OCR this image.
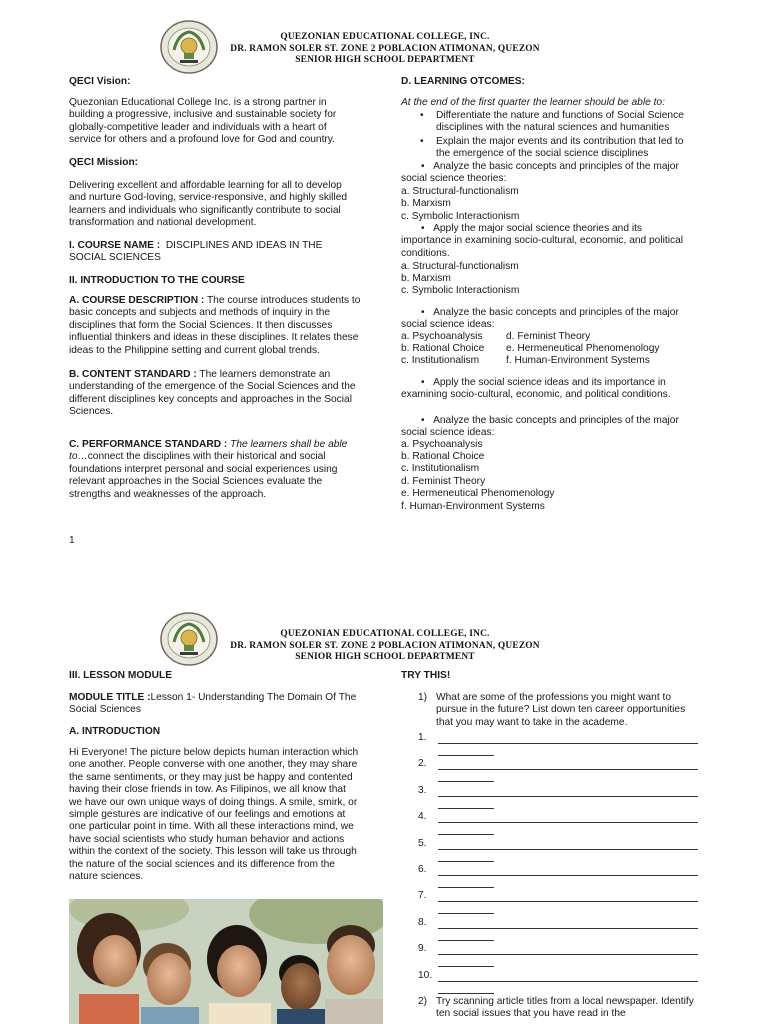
QUEZONIAN EDUCATIONAL COLLEGE, INC.
DR. RAMON SOLER ST. ZONE 2 POBLACION ATIMONAN, QUEZON
SENIOR HIGH SCHOOL DEPARTMENT
QECI Vision:
Quezonian Educational College Inc. is a strong partner in building a progressive, inclusive and sustainable society for globally-competitive leader and individuals with a heart of service for others and a profound love for God and country.
QECI Mission:
Delivering excellent and affordable learning for all to develop and nurture God-loving, service-responsive, and highly skilled learners and individuals who significantly contribute to social transformation and national development.
I. COURSE NAME : DISCIPLINES AND IDEAS IN THE SOCIAL SCIENCES
II. INTRODUCTION TO THE COURSE
A. COURSE DESCRIPTION : The course introduces students to basic concepts and subjects and methods of inquiry in the disciplines that form the Social Sciences. It then discusses influential thinkers and ideas in these disciplines. It relates these ideas to the Philippine setting and current global trends.
B. CONTENT STANDARD : The learners demonstrate an understanding of the emergence of the Social Sciences and the different disciplines key concepts and approaches in the Social Sciences.
C. PERFORMANCE STANDARD : The learners shall be able to…connect the disciplines with their historical and social foundations interpret personal and social experiences using relevant approaches in the Social Sciences evaluate the strengths and weaknesses of the approach.
1
D. LEARNING OTCOMES:
At the end of the first quarter the learner should be able to:
• Differentiate the nature and functions of Social Science disciplines with the natural sciences and humanities
• Explain the major events and its contribution that led to the emergence of the social science disciplines
• Analyze the basic concepts and principles of the major social science theories:
a. Structural-functionalism
b. Marxism
c. Symbolic Interactionism
• Apply the major social science theories and its importance in examining socio-cultural, economic, and political conditions.
a. Structural-functionalism
b. Marxism
c. Symbolic Interactionism
• Analyze the basic concepts and principles of the major social science ideas:
a. Psychoanalysis
b. Rational Choice
c. Institutionalism
d. Feminist Theory
e. Hermeneutical Phenomenology
f. Human-Environment Systems
• Apply the social science ideas and its importance in examining socio-cultural, economic, and political conditions.
• Analyze the basic concepts and principles of the major social science ideas:
a. Psychoanalysis
b. Rational Choice
c. Institutionalism
d. Feminist Theory
e. Hermeneutical Phenomenology
f. Human-Environment Systems
QUEZONIAN EDUCATIONAL COLLEGE, INC.
DR. RAMON SOLER ST. ZONE 2 POBLACION ATIMONAN, QUEZON
SENIOR HIGH SCHOOL DEPARTMENT
III. LESSON MODULE
MODULE TITLE :Lesson 1- Understanding The Domain Of The Social Sciences
A. INTRODUCTION
Hi Everyone! The picture below depicts human interaction which one another. People converse with one another, they may share the same sentiments, or they may just be happy and contented having their close friends in tow. As Filipinos, we all know that we have our own unique ways of doing things. A smile, smirk, or simple gestures are indicative of our feelings and emotions at one particular point in time. With all these interactions mind, we have social scientists who study human behavior and actions within the context of the society. This lesson will take us through the nature of the social sciences and its difference from the nature sciences.
TRY THIS!
1) What are some of the professions you might want to pursue in the future? List down ten career opportunities that you may want to take in the academe.
1.
2.
3.
4.
5.
6.
7.
8.
9.
10.
2) Try scanning article titles from a local newspaper. Identify ten social issues that you have read in the
